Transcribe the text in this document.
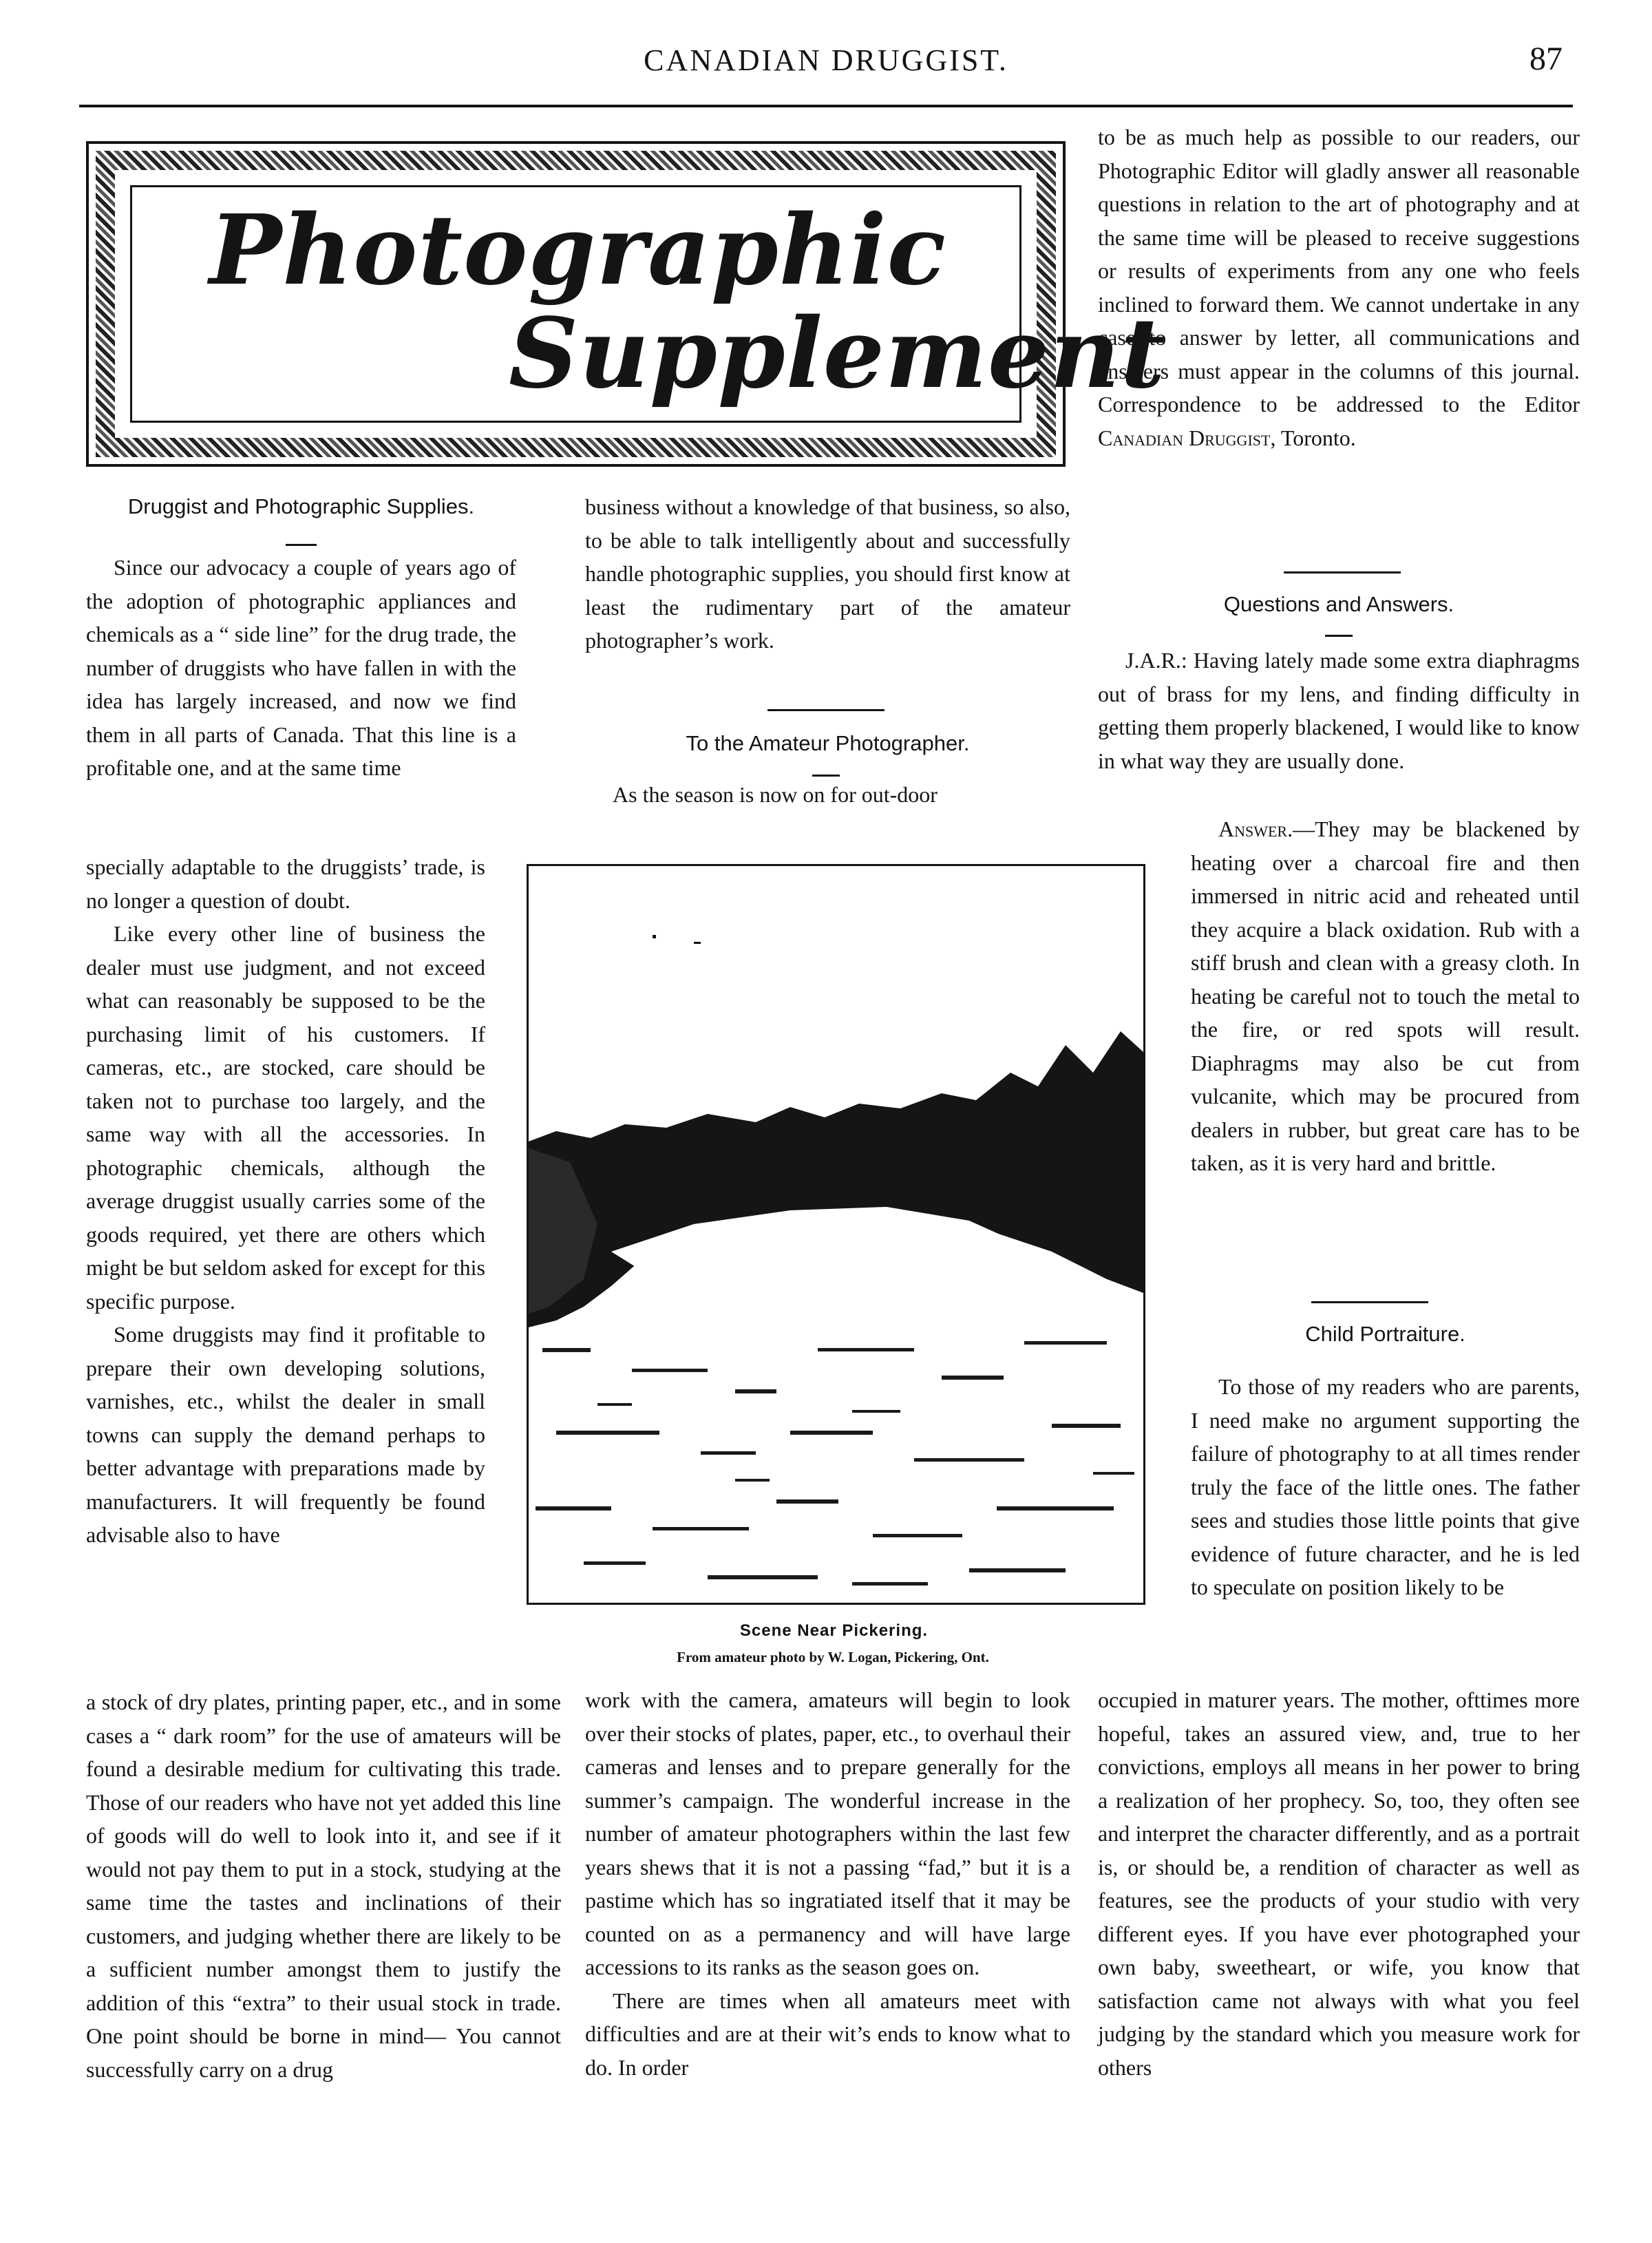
CANADIAN DRUGGIST.	87
Photographic
Supplement
Druggist and Photographic Supplies.

Since our advocacy a couple of years ago of the adoption of photographic appliances and chemicals as a “ side line” for the drug trade, the number of druggists who have fallen in with the idea has largely increased, and now we find them in all parts of Canada. That this line is a profitable one, and at the same time

specially adaptable to the druggists’ trade, is no longer a question of doubt.

Like every other line of business the dealer must use judgment, and not exceed what can reasonably be supposed to be the purchasing limit of his customers. If cameras, etc., are stocked, care should be taken not to purchase too largely, and the same way with all the accessories. In photographic chemicals, although the average druggist usually carries some of the goods required, yet there are others which might be but seldom asked for except for this specific purpose.

Some druggists may find it profitable to prepare their own developing solutions, varnishes, etc., whilst the dealer in small towns can supply the demand perhaps to better advantage with preparations made by manufacturers. It will frequently be found advisable also to have

a stock of dry plates, printing paper, etc., and in some cases a “ dark room” for the use of amateurs will be found a desirable medium for cultivating this trade. Those of our readers who have not yet added this line of goods will do well to look into it, and see if it would not pay them to put in a stock, studying at the same time the tastes and inclinations of their customers, and judging whether there are likely to be a sufficient number amongst them to justify the addition of this “extra” to their usual stock in trade. One point should be borne in mind— You cannot successfully carry on a drug

business without a knowledge of that business, so also, to be able to talk intelligently about and successfully handle photographic supplies, you should first know at least the rudimentary part of the amateur photographer’s work.

To the Amateur Photographer.

As the season is now on for out-door

Scene Near Pickering.
From amateur photo by W. Logan, Pickering, Ont.

work with the camera, amateurs will begin to look over their stocks of plates, paper, etc., to overhaul their cameras and lenses and to prepare generally for the summer’s campaign. The wonderful increase in the number of amateur photographers within the last few years shews that it is not a passing “fad,” but it is a pastime which has so ingratiated itself that it may be counted on as a permanency and will have large accessions to its ranks as the season goes on.

There are times when all amateurs meet with difficulties and are at their wit’s ends to know what to do. In order

to be as much help as possible to our readers, our Photographic Editor will gladly answer all reasonable questions in relation to the art of photography and at the same time will be pleased to receive suggestions or results of experiments from any one who feels inclined to forward them. We cannot undertake in any case to answer by letter, all communications and answers must appear in the columns of this journal. Correspondence to be addressed to the Editor Canadian Druggist, Toronto.

Questions and Answers.

J.A.R.: Having lately made some extra diaphragms out of brass for my lens, and finding difficulty in getting them properly blackened, I would like to know in what way they are usually done.

Answer.—They may be blackened by heating over a charcoal fire and then immersed in nitric acid and reheated until they acquire a black oxidation. Rub with a stiff brush and clean with a greasy cloth. In heating be careful not to touch the metal to the fire, or red spots will result. Diaphragms may also be cut from vulcanite, which may be procured from dealers in rubber, but great care has to be taken, as it is very hard and brittle.

Child Portraiture.

To those of my readers who are parents, I need make no argument supporting the failure of photography to at all times render truly the face of the little ones. The father sees and studies those little points that give evidence of future character, and he is led to speculate on position likely to be

occupied in maturer years. The mother, ofttimes more hopeful, takes an assured view, and, true to her convictions, employs all means in her power to bring a realization of her prophecy. So, too, they often see and interpret the character differently, and as a portrait is, or should be, a rendition of character as well as features, see the products of your studio with very different eyes. If you have ever photographed your own baby, sweetheart, or wife, you know that satisfaction came not always with what you feel judging by the standard which you measure work for others
